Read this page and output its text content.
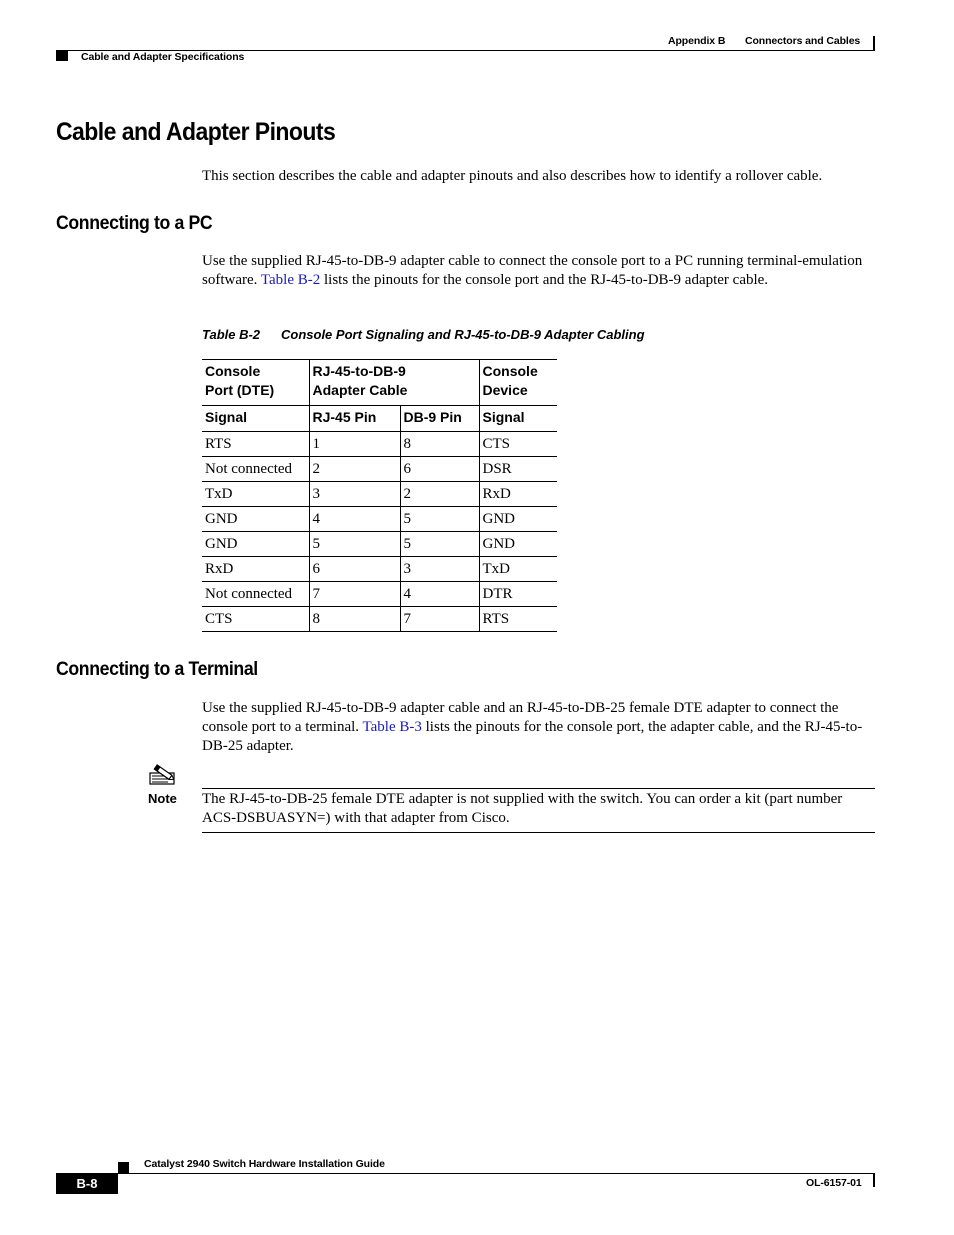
Appendix B Connectors and Cables
Cable and Adapter Specifications
Cable and Adapter Pinouts
This section describes the cable and adapter pinouts and also describes how to identify a rollover cable.
Connecting to a PC
Use the supplied RJ-45-to-DB-9 adapter cable to connect the console port to a PC running terminal-emulation software. Table B-2 lists the pinouts for the console port and the RJ-45-to-DB-9 adapter cable.
Table B-2 Console Port Signaling and RJ-45-to-DB-9 Adapter Cabling
Console Port (DTE)	RJ-45-to-DB-9 Adapter Cable		Console Device

Signal	RJ-45 Pin	DB-9 Pin	Signal
RTS	1	8	CTS
Not connected	2	6	DSR
TxD	3	2	RxD
GND	4	5	GND
GND	5	5	GND
RxD	6	3	TxD
Not connected	7	4	DTR
CTS	8	7	RTS
Connecting to a Terminal
Use the supplied RJ-45-to-DB-9 adapter cable and an RJ-45-to-DB-25 female DTE adapter to connect the console port to a terminal. Table B-3 lists the pinouts for the console port, the adapter cable, and the RJ-45-to-DB-25 adapter.
Note The RJ-45-to-DB-25 female DTE adapter is not supplied with the switch. You can order a kit (part number ACS-DSBUASYN=) with that adapter from Cisco.
Catalyst 2940 Switch Hardware Installation Guide
B-8	OL-6157-01
